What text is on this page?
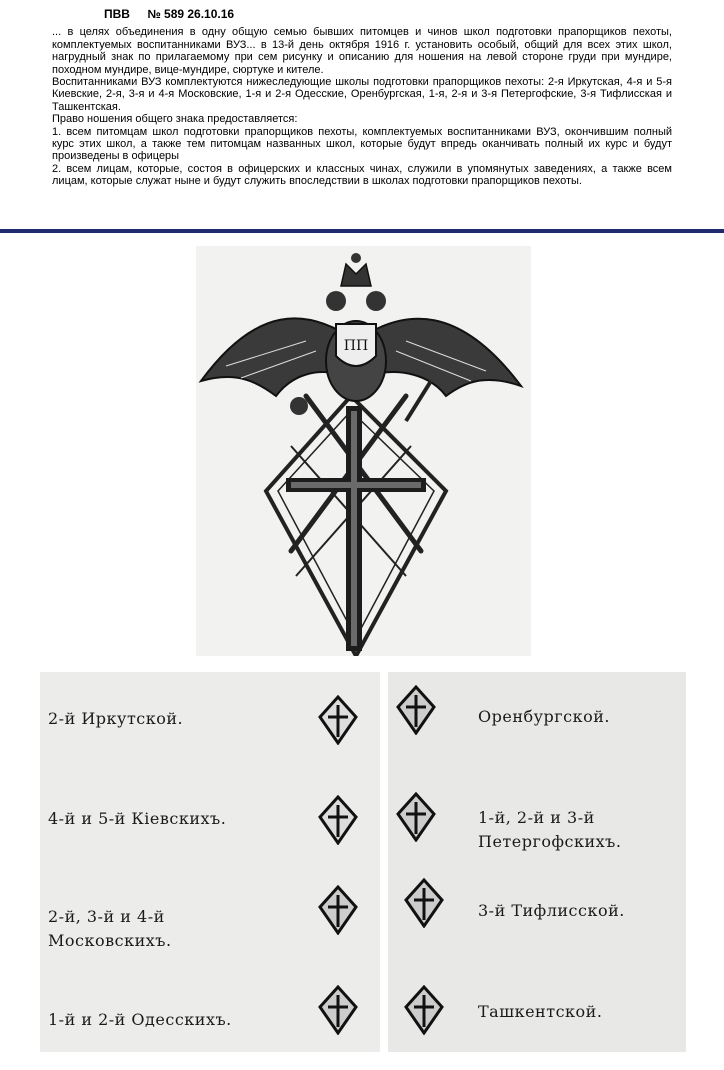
ПВВ № 589 26.10.16

... в целях объединения в одну общую семью бывших питомцев и чинов школ подготовки прапорщиков пехоты, комплектуемых воспитанниками ВУЗ... в 13-й день октября 1916 г. установить особый, общий для всех этих школ, нагрудный знак по прилагаемому при сем рисунку и описанию для ношения на левой стороне груди при мундире, походном мундире, вице-мундире, сюртуке и кителе.

Воспитанниками ВУЗ комплектуются нижеследующие школы подготовки прапорщиков пехоты: 2-я Иркутская, 4-я и 5-я Киевские, 2-я, 3-я и 4-я Московские, 1-я и 2-я Одесские, Оренбургская, 1-я, 2-я и 3-я Петергофские, 3-я Тифлисская и Ташкентская.

Право ношения общего знака предоставляется:

1. всем питомцам школ подготовки прапорщиков пехоты, комплектуемых воспитанниками ВУЗ, окончившим полный курс этих школ, а также тем питомцам названных школ, которые будут впредь оканчивать полный их курс и будут произведены в офицеры

2. всем лицам, которые, состоя в офицерских и классных чинах, служили в упомянутых заведениях, а также всем лицам, которые служат ныне и будут служить впоследствии в школах подготовки прапорщиков пехоты.

ПП
2-й Иркутской.
4-й и 5-й Кіевскихъ.
2-й, 3-й и 4-й
Московскихъ.
1-й и 2-й Одесскихъ.
Оренбургской.
1-й, 2-й и 3-й
Петергофскихъ.
3-й Тифлисской.
Ташкентской.
